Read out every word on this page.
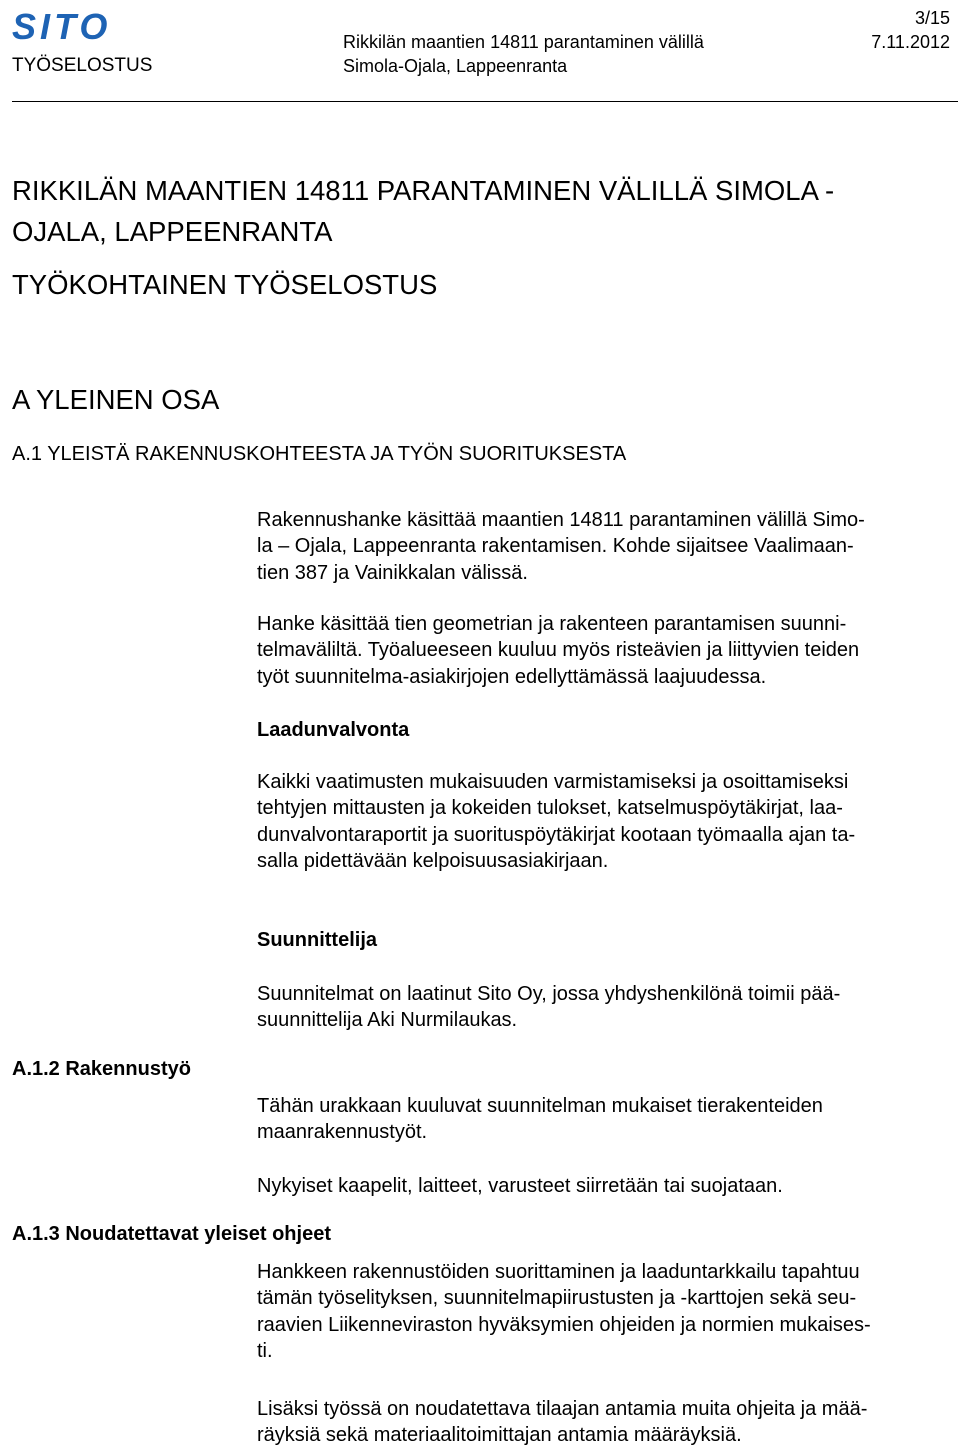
SITO
TYÖSELOSTUS
Rikkilän maantien 14811 parantaminen välillä
Simola-Ojala, Lappeenranta
3/15
7.11.2012
RIKKILÄN MAANTIEN 14811 PARANTAMINEN VÄLILLÄ SIMOLA -
OJALA, LAPPEENRANTA
TYÖKOHTAINEN TYÖSELOSTUS
A YLEINEN OSA
A.1 YLEISTÄ RAKENNUSKOHTEESTA JA TYÖN SUORITUKSESTA

Rakennushanke käsittää maantien 14811 parantaminen välillä Simo-
la – Ojala, Lappeenranta rakentamisen. Kohde sijaitsee Vaalimaan-
tien 387 ja Vainikkalan välissä.

Hanke käsittää tien geometrian ja rakenteen parantamisen suunni-
telmaväliltä. Työalueeseen kuuluu myös risteävien ja liittyvien teiden
työt suunnitelma-asiakirjojen edellyttämässä laajuudessa.

Laadunvalvonta

Kaikki vaatimusten mukaisuuden varmistamiseksi ja osoittamiseksi
tehtyjen mittausten ja kokeiden tulokset, katselmuspöytäkirjat, laa-
dunvalvontaraportit ja suorituspöytäkirjat kootaan työmaalla ajan ta-
salla pidettävään kelpoisuusasiakirjaan.

Suunnittelija

Suunnitelmat on laatinut Sito Oy, jossa yhdyshenkilönä toimii pää-
suunnittelija Aki Nurmilaukas.

A.1.2 Rakennustyö

Tähän urakkaan kuuluvat suunnitelman mukaiset tierakenteiden
maanrakennustyöt.

Nykyiset kaapelit, laitteet, varusteet siirretään tai suojataan.

A.1.3 Noudatettavat yleiset ohjeet

Hankkeen rakennustöiden suorittaminen ja laaduntarkkailu tapahtuu
tämän työselityksen, suunnitelmapiirustusten ja -karttojen sekä seu-
raavien Liikenneviraston hyväksymien ohjeiden ja normien mukaises-
ti.

Lisäksi työssä on noudatettava tilaajan antamia muita ohjeita ja mää-
räyksiä sekä materiaalitoimittajan antamia määräyksiä.
